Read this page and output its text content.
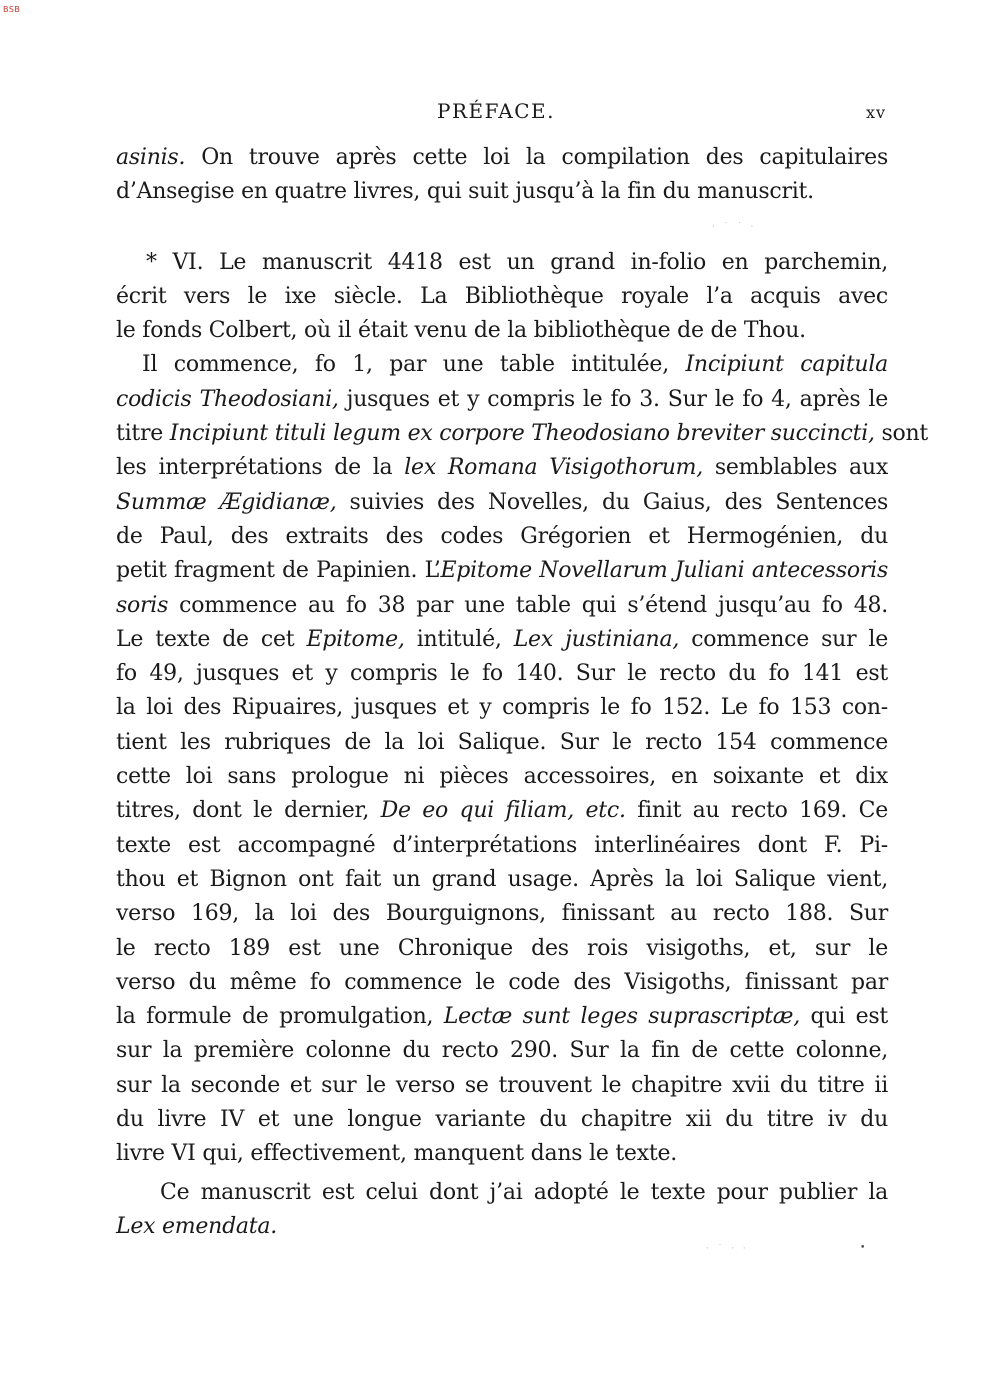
BSB
PRÉFACE.	xv
asinis. On trouve après cette loi la compilation des capitulaires
d’Ansegise en quatre livres, qui suit jusqu’à la fin du manuscrit.
* VI. Le manuscrit 4418 est un grand in-folio en parchemin,
écrit vers le ixe siècle. La Bibliothèque royale l’a acquis avec
le fonds Colbert, où il était venu de la bibliothèque de de Thou.
Il commence, fo 1, par une table intitulée, Incipiunt capitula
codicis Theodosiani, jusques et y compris le fo 3. Sur le fo 4, après le
titre Incipiunt tituli legum ex corpore Theodosiano breviter succincti, sont
les interprétations de la lex Romana Visigothorum, semblables aux
Summæ Ægidianæ, suivies des Novelles, du Gaius, des Sentences
de Paul, des extraits des codes Grégorien et Hermogénien, du
petit fragment de Papinien. L’Epitome Novellarum Juliani antecessoris
soris commence au fo 38 par une table qui s’étend jusqu’au fo 48.
Le texte de cet Epitome, intitulé, Lex justiniana, commence sur le
fo 49, jusques et y compris le fo 140. Sur le recto du fo 141 est
la loi des Ripuaires, jusques et y compris le fo 152. Le fo 153 con-
tient les rubriques de la loi Salique. Sur le recto 154 commence
cette loi sans prologue ni pièces accessoires, en soixante et dix
titres, dont le dernier, De eo qui filiam, etc. finit au recto 169. Ce
texte est accompagné d’interprétations interlinéaires dont F. Pi-
thou et Bignon ont fait un grand usage. Après la loi Salique vient,
verso 169, la loi des Bourguignons, finissant au recto 188. Sur
le recto 189 est une Chronique des rois visigoths, et, sur le
verso du même fo commence le code des Visigoths, finissant par
la formule de promulgation, Lectæ sunt leges suprascriptæ, qui est
sur la première colonne du recto 290. Sur la fin de cette colonne,
sur la seconde et sur le verso se trouvent le chapitre xvii du titre ii
du livre IV et une longue variante du chapitre xii du titre iv du
livre VI qui, effectivement, manquent dans le texte.
Ce manuscrit est celui dont j’ai adopté le texte pour publier la
Lex emendata.
· ˙ ˙ ·
· ˙ · ·	•
